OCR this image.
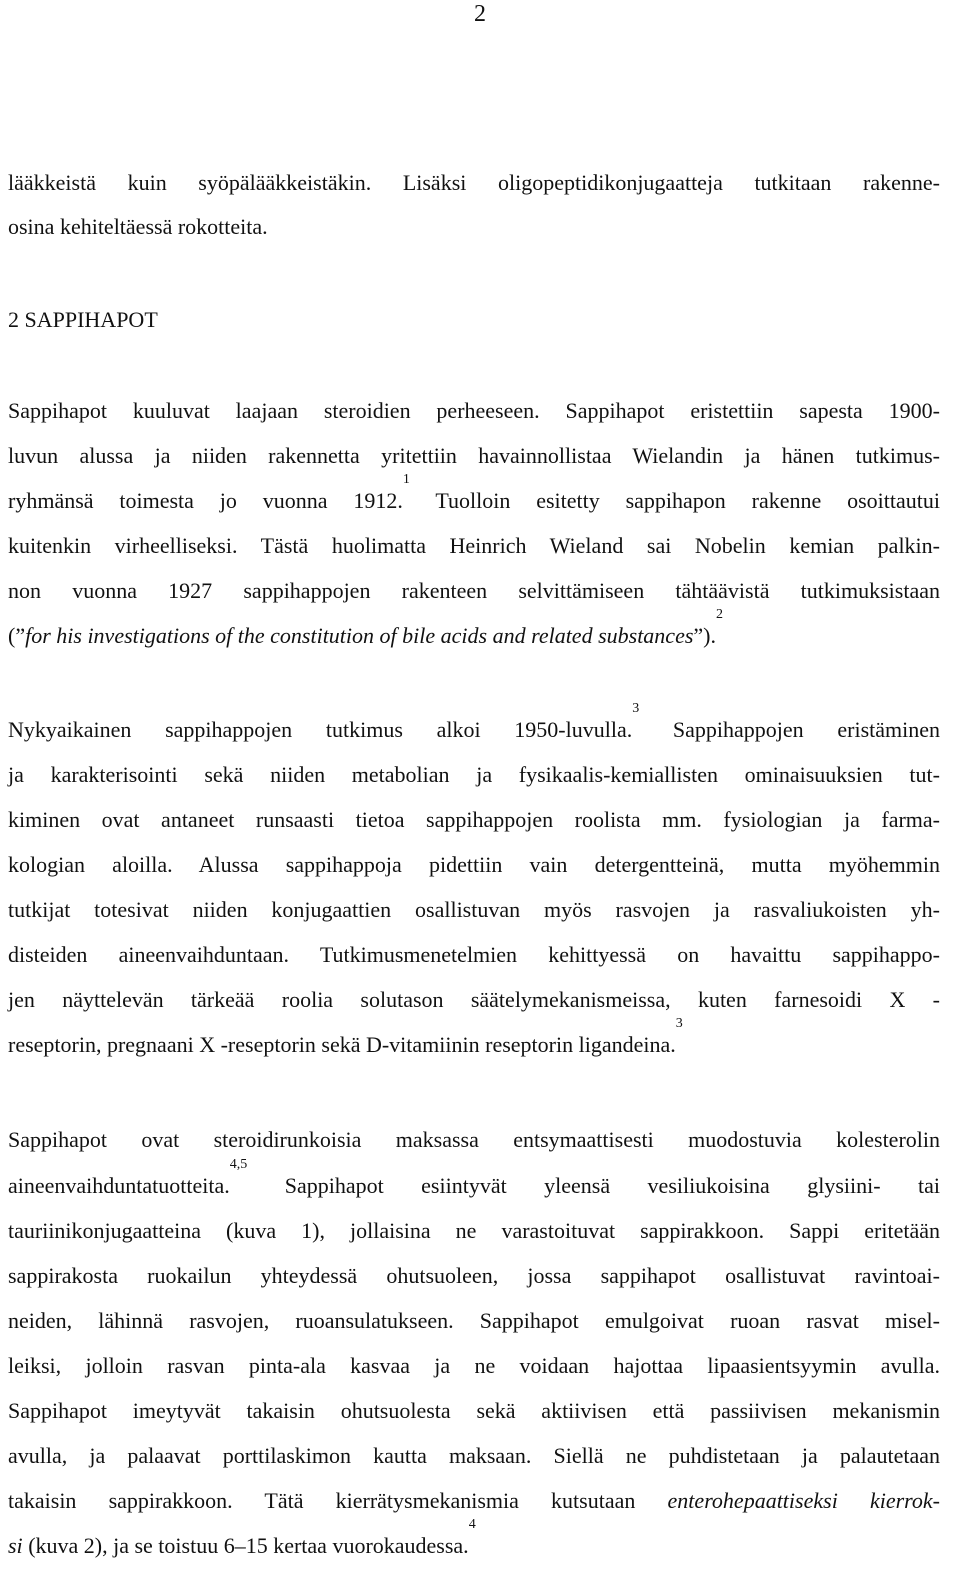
2
lääkkeistä kuin syöpälääkkeistäkin. Lisäksi oligopeptidikonjugaatteja tutkitaan rakenne-
osina kehiteltäessä rokotteita.
2 SAPPIHAPOT
Sappihapot kuuluvat laajaan steroidien perheeseen. Sappihapot eristettiin sapesta 1900-
luvun alussa ja niiden rakennetta yritettiin havainnollistaa Wielandin ja hänen tutkimus-
ryhmänsä toimesta jo vuonna 1912.$^1$ Tuolloin esitetty sappihapon rakenne osoittautui
kuitenkin virheelliseksi. Tästä huolimatta Heinrich Wieland sai Nobelin kemian palkin-
non vuonna 1927 sappihappojen rakenteen selvittämiseen tähtäävistä tutkimuksistaan
(”for his investigations of the constitution of bile acids and related substances”).$^2$
Nykyaikainen sappihappojen tutkimus alkoi 1950-luvulla.$^3$ Sappihappojen eristäminen
ja karakterisointi sekä niiden metabolian ja fysikaalis-kemiallisten ominaisuuksien tut-
kiminen ovat antaneet runsaasti tietoa sappihappojen roolista mm. fysiologian ja farma-
kologian aloilla. Alussa sappihappoja pidettiin vain detergentteinä, mutta myöhemmin
tutkijat totesivat niiden konjugaattien osallistuvan myös rasvojen ja rasvaliukoisten yh-
disteiden aineenvaihduntaan. Tutkimusmenetelmien kehittyessä on havaittu sappihappo-
jen näyttelevän tärkeää roolia solutason säätelymekanismeissa, kuten farnesoidi X -
reseptorin, pregnaani X -reseptorin sekä D-vitamiinin reseptorin ligandeina.$^3$
Sappihapot ovat steroidirunkoisia maksassa entsymaattisesti muodostuvia kolesterolin
aineenvaihduntatuotteita.$^{4,5}$ Sappihapot esiintyvät yleensä vesiliukoisina glysiini- tai
tauriinikonjugaatteina (kuva 1), jollaisina ne varastoituvat sappirakkoon. Sappi eritetään
sappirakosta ruokailun yhteydessä ohutsuoleen, jossa sappihapot osallistuvat ravintoai-
neiden, lähinnä rasvojen, ruoansulatukseen. Sappihapot emulgoivat ruoan rasvat misel-
leiksi, jolloin rasvan pinta-ala kasvaa ja ne voidaan hajottaa lipaasientsyymin avulla.
Sappihapot imeytyvät takaisin ohutsuolesta sekä aktiivisen että passiivisen mekanismin
avulla, ja palaavat porttilaskimon kautta maksaan. Siellä ne puhdistetaan ja palautetaan
takaisin sappirakkoon. Tätä kierrätysmekanismia kutsutaan enterohepaattiseksi kierrok-
si (kuva 2), ja se toistuu 6–15 kertaa vuorokaudessa.$^4$
